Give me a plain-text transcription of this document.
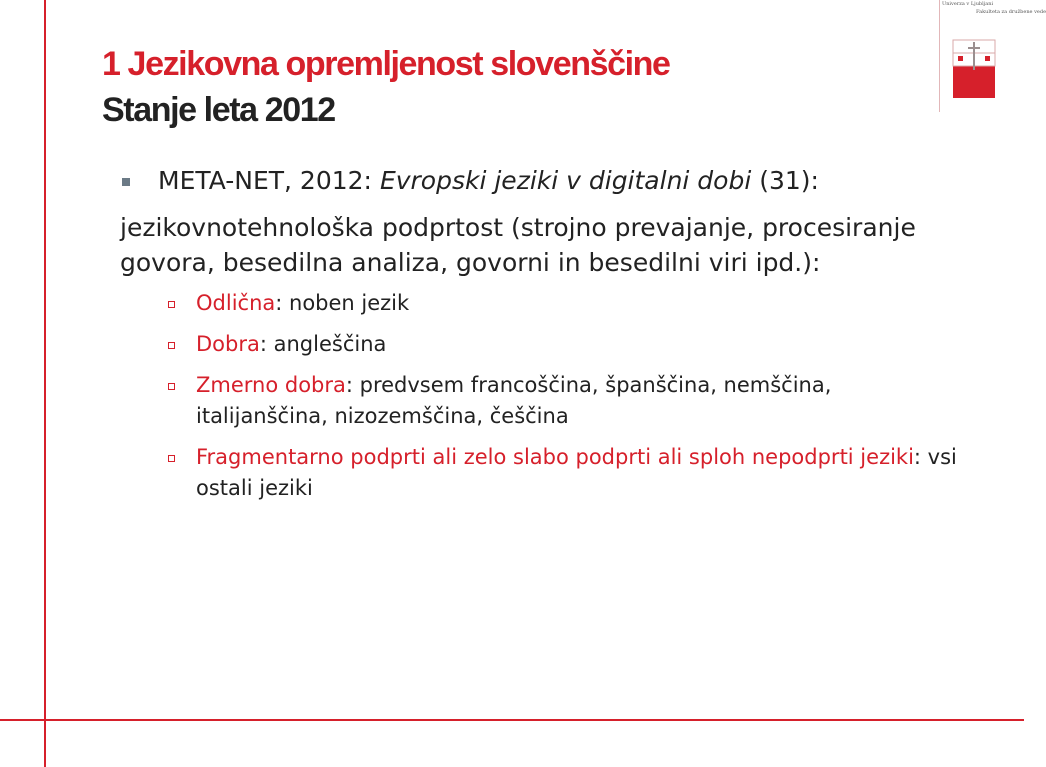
Univerza v Ljubljani
Fakulteta za družbene vede
1 Jezikovna opremljenost slovenščine
Stanje leta 2012

META-NET, 2012: Evropski jeziki v digitalni dobi (31):

jezikovnotehnološka podprtost (strojno prevajanje, procesiranje govora, besedilna analiza, govorni in besedilni viri ipd.):

Odlična: noben jezik
Dobra: angleščina
Zmerno dobra: predvsem francoščina, španščina, nemščina, italijanščina, nizozemščina, češčina
Fragmentarno podprti ali zelo slabo podprti ali sploh nepodprti jeziki: vsi ostali jeziki
